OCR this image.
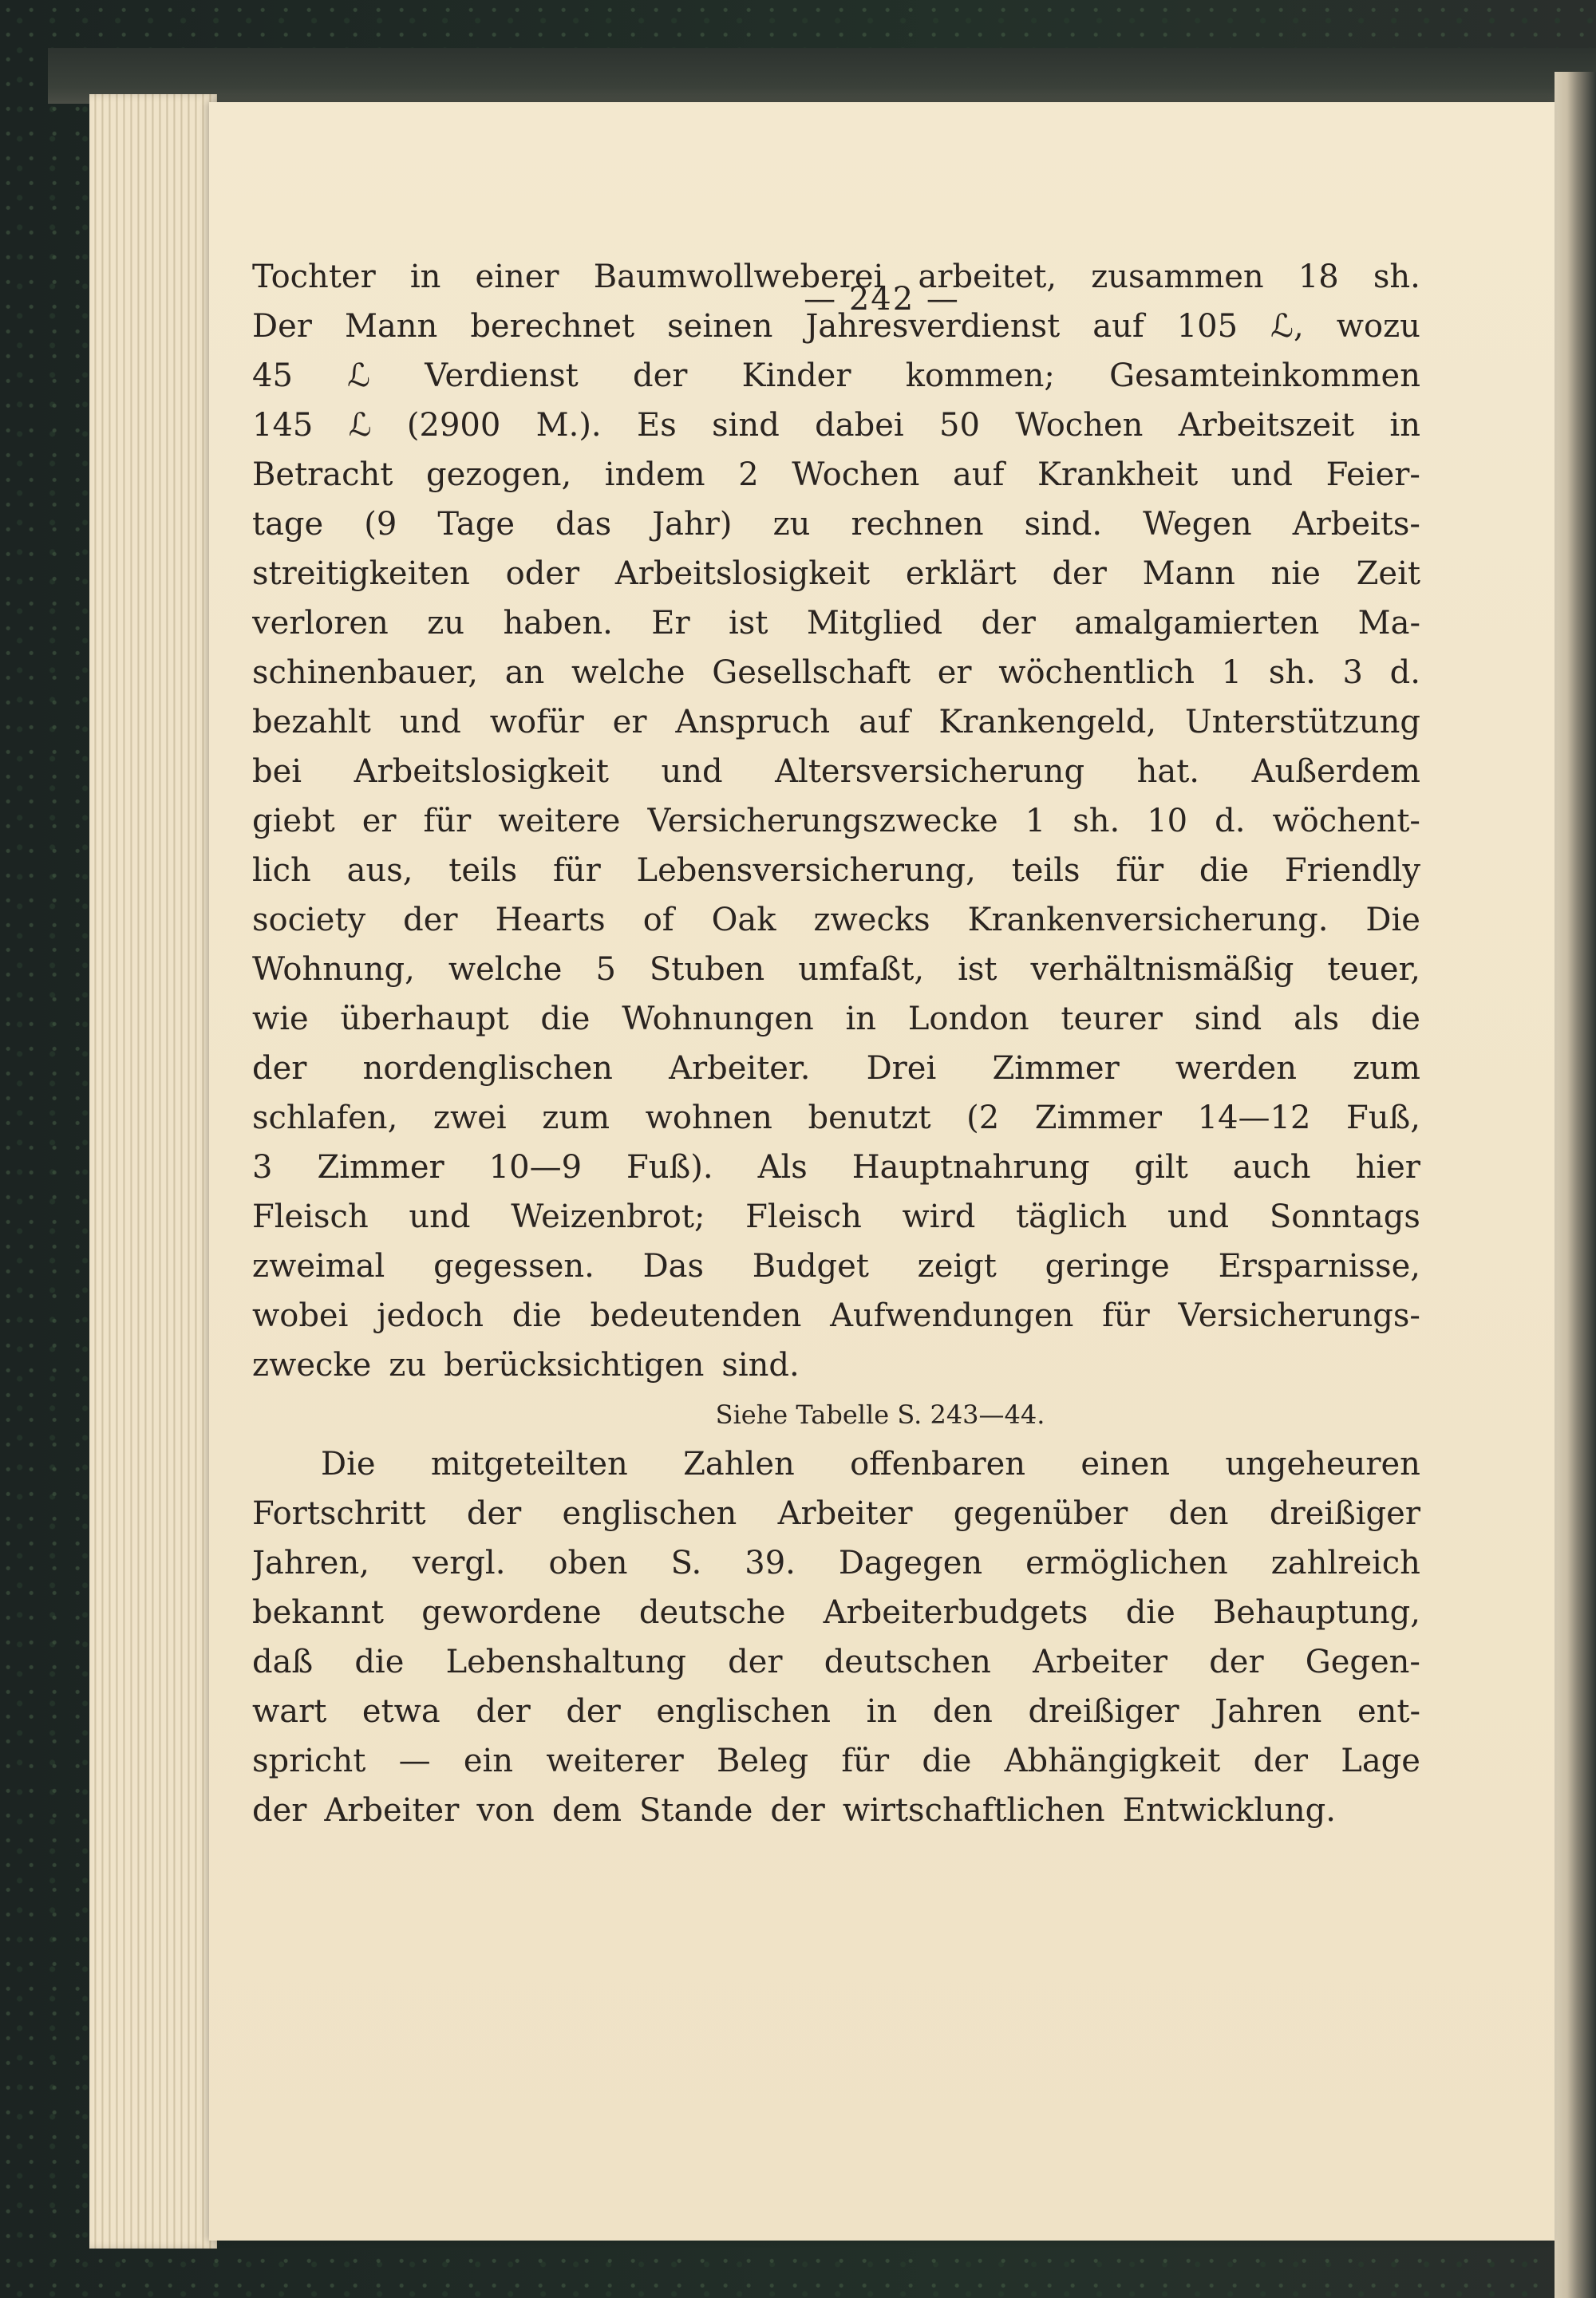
— 242 —
Tochter in einer Baumwollweberei arbeitet, zusammen 18 sh.
Der Mann berechnet seinen Jahresverdienst auf 105 ℒ, wozu
45 ℒ Verdienst der Kinder kommen; Gesamteinkommen
145 ℒ (2900 M.). Es sind dabei 50 Wochen Arbeitszeit in
Betracht gezogen, indem 2 Wochen auf Krankheit und Feier-
tage (9 Tage das Jahr) zu rechnen sind. Wegen Arbeits-
streitigkeiten oder Arbeitslosigkeit erklärt der Mann nie Zeit
verloren zu haben. Er ist Mitglied der amalgamierten Ma-
schinenbauer, an welche Gesellschaft er wöchentlich 1 sh. 3 d.
bezahlt und wofür er Anspruch auf Krankengeld, Unterstützung
bei Arbeitslosigkeit und Altersversicherung hat. Außerdem
giebt er für weitere Versicherungszwecke 1 sh. 10 d. wöchent-
lich aus, teils für Lebensversicherung, teils für die Friendly
society der Hearts of Oak zwecks Krankenversicherung. Die
Wohnung, welche 5 Stuben umfaßt, ist verhältnismäßig teuer,
wie überhaupt die Wohnungen in London teurer sind als die
der nordenglischen Arbeiter. Drei Zimmer werden zum
schlafen, zwei zum wohnen benutzt (2 Zimmer 14—12 Fuß,
3 Zimmer 10—9 Fuß). Als Hauptnahrung gilt auch hier
Fleisch und Weizenbrot; Fleisch wird täglich und Sonntags
zweimal gegessen. Das Budget zeigt geringe Ersparnisse,
wobei jedoch die bedeutenden Aufwendungen für Versicherungs-
zwecke zu berücksichtigen sind.
Siehe Tabelle S. 243—44.
Die mitgeteilten Zahlen offenbaren einen ungeheuren
Fortschritt der englischen Arbeiter gegenüber den dreißiger
Jahren, vergl. oben S. 39. Dagegen ermöglichen zahlreich
bekannt gewordene deutsche Arbeiterbudgets die Behauptung,
daß die Lebenshaltung der deutschen Arbeiter der Gegen-
wart etwa der der englischen in den dreißiger Jahren ent-
spricht — ein weiterer Beleg für die Abhängigkeit der Lage
der Arbeiter von dem Stande der wirtschaftlichen Entwicklung.
